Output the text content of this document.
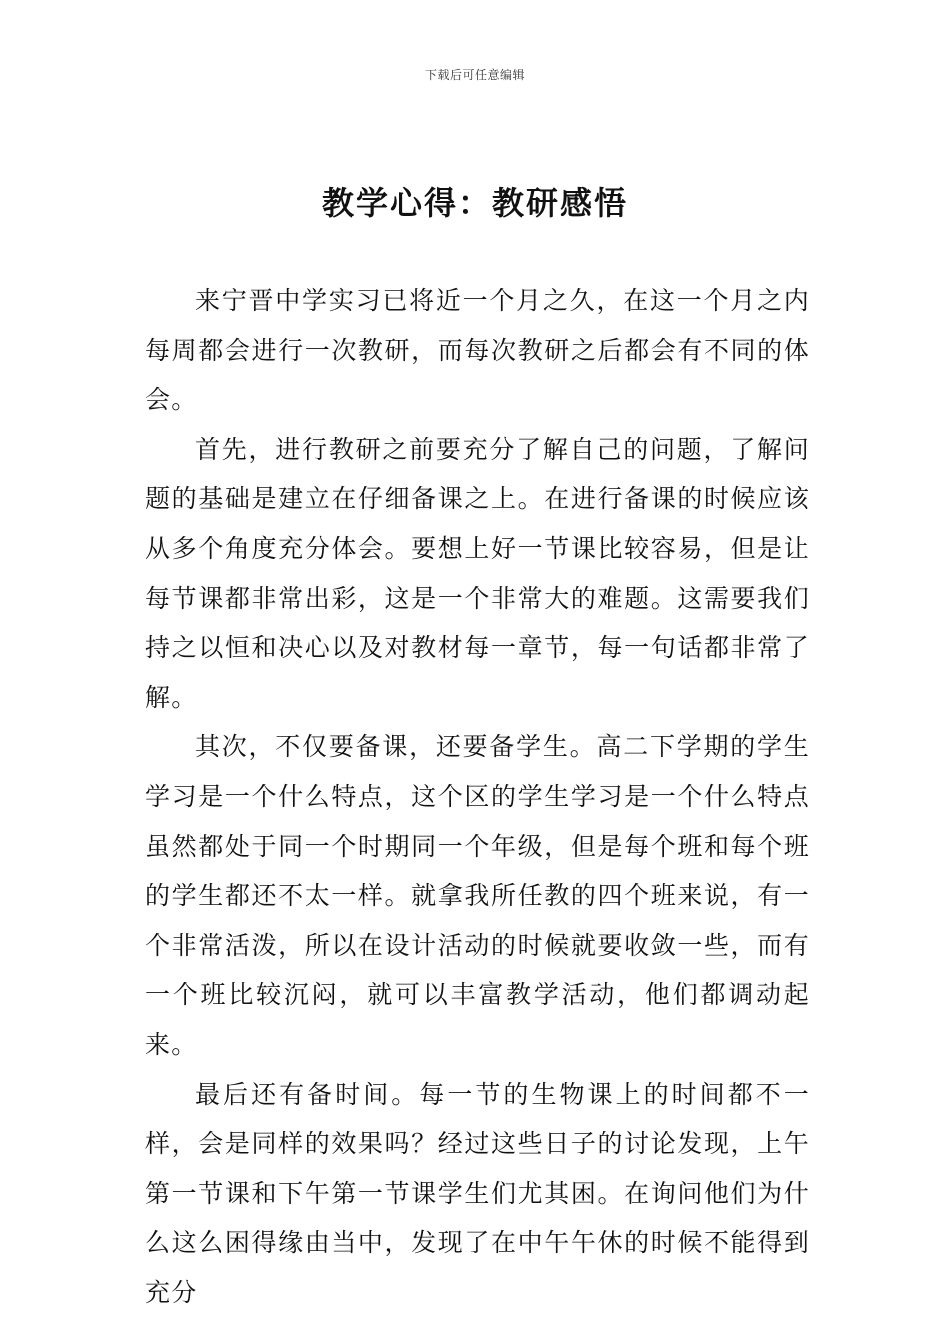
下载后可任意编辑
教学心得：教研感悟

来宁晋中学实习已将近一个月之久，在这一个月之内每周都会进行一次教研，而每次教研之后都会有不同的体会。

首先，进行教研之前要充分了解自己的问题，了解问题的基础是建立在仔细备课之上。在进行备课的时候应该从多个角度充分体会。要想上好一节课比较容易，但是让每节课都非常出彩，这是一个非常大的难题。这需要我们持之以恒和决心以及对教材每一章节，每一句话都非常了解。

其次，不仅要备课，还要备学生。高二下学期的学生学习是一个什么特点，这个区的学生学习是一个什么特点虽然都处于同一个时期同一个年级，但是每个班和每个班的学生都还不太一样。就拿我所任教的四个班来说，有一个非常活泼，所以在设计活动的时候就要收敛一些，而有一个班比较沉闷，就可以丰富教学活动，他们都调动起来。

最后还有备时间。每一节的生物课上的时间都不一样，会是同样的效果吗？经过这些日子的讨论发现，上午第一节课和下午第一节课学生们尤其困。在询问他们为什么这么困得缘由当中，发现了在中午午休的时候不能得到充分
